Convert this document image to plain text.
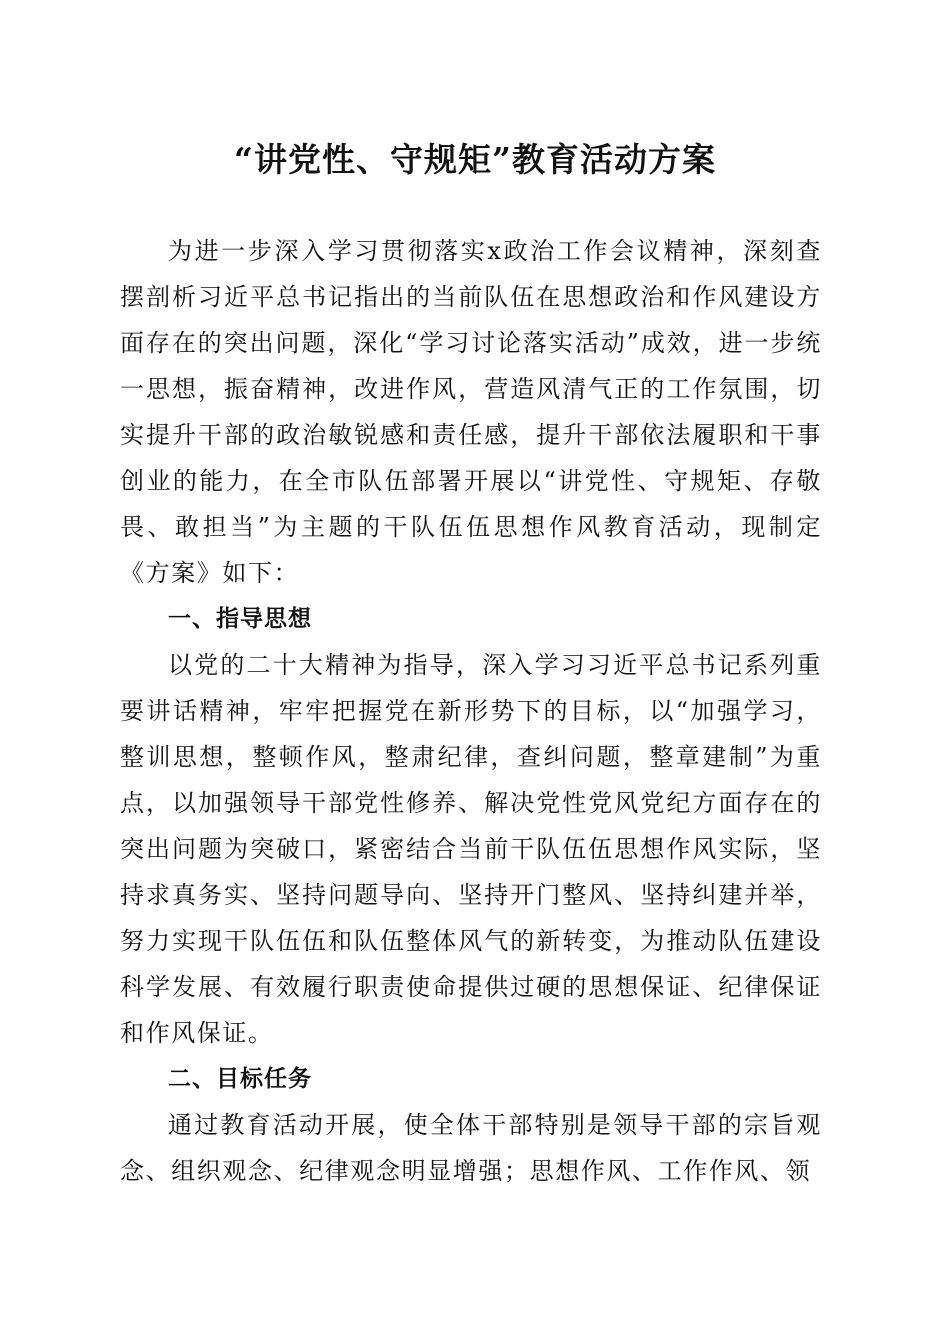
“讲党性、守规矩”教育活动方案

为进一步深入学习贯彻落实x政治工作会议精神，深刻查摆剖析习近平总书记指出的当前队伍在思想政治和作风建设方面存在的突出问题，深化“学习讨论落实活动”成效，进一步统一思想，振奋精神，改进作风，营造风清气正的工作氛围，切实提升干部的政治敏锐感和责任感，提升干部依法履职和干事创业的能力，在全市队伍部署开展以“讲党性、守规矩、存敬畏、敢担当”为主题的干队伍伍思想作风教育活动，现制定《方案》如下：

一、指导思想

以党的二十大精神为指导，深入学习习近平总书记系列重要讲话精神，牢牢把握党在新形势下的目标，以“加强学习，整训思想，整顿作风，整肃纪律，查纠问题，整章建制”为重点，以加强领导干部党性修养、解决党性党风党纪方面存在的突出问题为突破口，紧密结合当前干队伍伍思想作风实际，坚持求真务实、坚持问题导向、坚持开门整风、坚持纠建并举，努力实现干队伍伍和队伍整体风气的新转变，为推动队伍建设科学发展、有效履行职责使命提供过硬的思想保证、纪律保证和作风保证。

二、目标任务

通过教育活动开展，使全体干部特别是领导干部的宗旨观念、组织观念、纪律观念明显增强；思想作风、工作作风、领
